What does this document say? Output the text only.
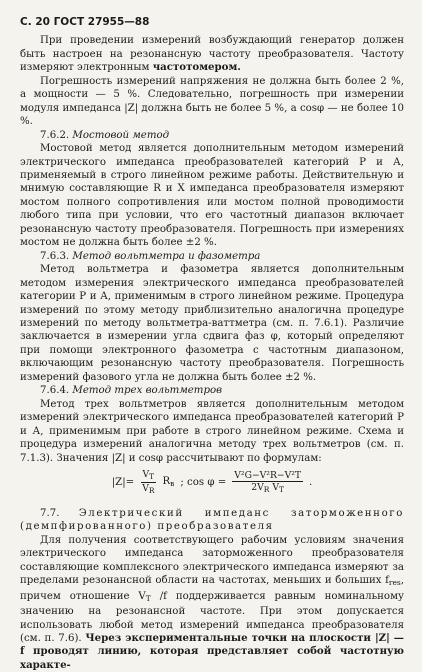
С. 20 ГОСТ 27955—88

При проведении измерений возбуждающий генератор должен быть настроен на резонансную частоту преобразователя. Частоту измеряют электронным частотомером.

Погрешность измерений напряжения не должна быть более 2 %, а мощности — 5 %. Следовательно, погрешность при измерении модуля импеданса |Z| должна быть не более 5 %, а cosφ — не более 10 %.

7.6.2. Мостовой метод

Мостовой метод является дополнительным методом измерений электрического импеданса преобразователей категорий Р и А, применяемый в строго линейном режиме работы. Действительную и мнимую составляющие R и X импеданса преобразователя измеряют мостом полного сопротивления или мостом полной проводимости любого типа при условии, что его частотный диапазон включает резонансную частоту преобразователя. Погрешность при измерениях мостом не должна быть более ±2 %.

7.6.3. Метод вольтметра и фазометра

Метод вольтметра и фазометра является дополнительным методом измерения электрического импеданса преобразователей категории Р и А, применимым в строго линейном режиме. Процедура измерений по этому методу приблизительно аналогична процедуре измерений по методу вольтметра-ваттметра (см. п. 7.6.1). Различие заключается в измерении угла сдвига фаз φ, который определяют при помощи электронного фазометра с частотным диапазоном, включающим резонансную частоту преобразователя. Погрешность измерений фазового угла не должна быть более ±2 %.

7.6.4. Метод трех вольтметров

Метод трех вольтметров является дополнительным методом измерений электрического импеданса преобразователей категорий Р и А, применимым при работе в строго линейном режиме. Схема и процедура измерений аналогична методу трех вольтметров (см. п. 7.1.3). Значения |Z| и cosφ рассчитывают по формулам:

$|Z|= \frac{V_T}{V_R} R_в$ ; $\cos \varphi = \frac{\text{V²G−V²R−V²T}}{2V_R V_T}$ .

7.7. Электрический импеданс заторможенного (демпфированного) преобразователя

Для получения соответствующего рабочим условиям значения электрического импеданса заторможенного преобразователя составляющие комплексного электрического импеданса измеряют за пределами резонансной области на частотах, меньших и больших $f_{res}$, причем отношение $V_T$ /f поддерживается равным номинальному значению на резонансной частоте. При этом допускается использовать любой метод измерений импеданса преобразователя (см. п. 7.6). Через экспериментальные точки на плоскости |Z| — f проводят линию, которая представляет собой частотную характе-
